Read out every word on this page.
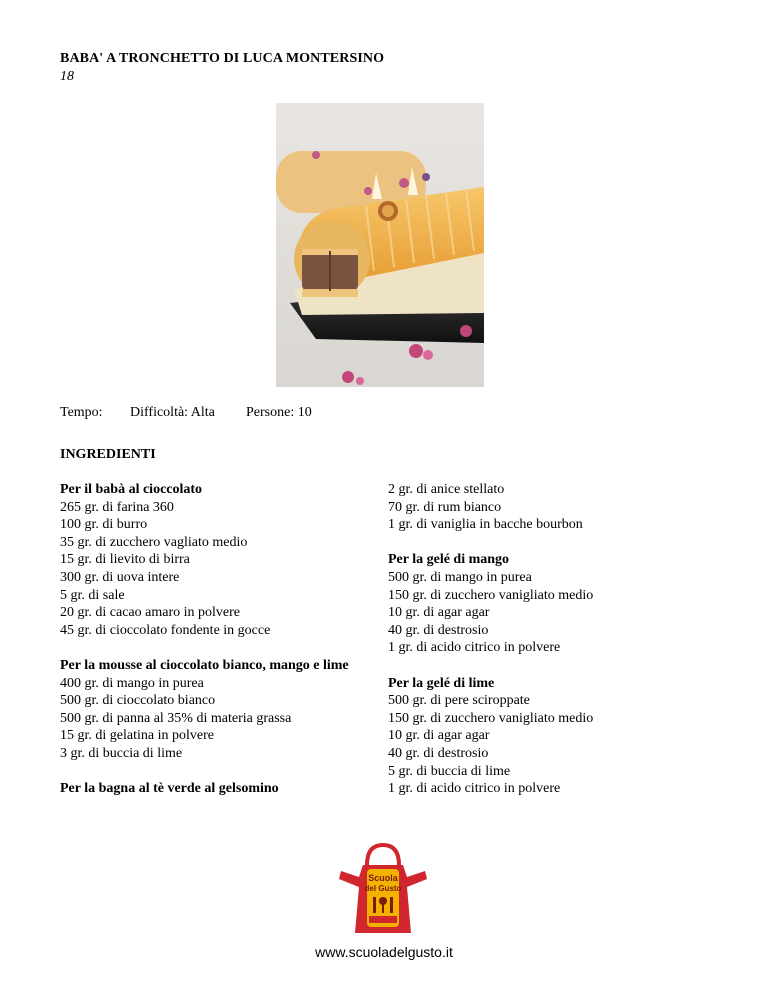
BABA' A TRONCHETTO DI LUCA MONTERSINO
18
Tempo: Difficoltà: Alta Persone: 10
INGREDIENTI
Per il babà al cioccolato
265 gr. di farina 360
100 gr. di burro
35 gr. di zucchero vagliato medio
15 gr. di lievito di birra
300 gr. di uova intere
5 gr. di sale
20 gr. di cacao amaro in polvere
45 gr. di cioccolato fondente in gocce
Per la mousse al cioccolato bianco, mango e lime
400 gr. di mango in purea
500 gr. di cioccolato bianco
500 gr. di panna al 35% di materia grassa
15 gr. di gelatina in polvere
3 gr. di buccia di lime
Per la bagna al tè verde al gelsomino
2 gr. di anice stellato
70 gr. di rum bianco
1 gr. di vaniglia in bacche bourbon
Per la gelé di mango
500 gr. di mango in purea
150 gr. di zucchero vanigliato medio
10 gr. di agar agar
40 gr. di destrosio
1 gr. di acido citrico in polvere
Per la gelé di lime
500 gr. di pere sciroppate
150 gr. di zucchero vanigliato medio
10 gr. di agar agar
40 gr. di destrosio
5 gr. di buccia di lime
1 gr. di acido citrico in polvere
Scuola
del Gusto
www.scuoladelgusto.it
